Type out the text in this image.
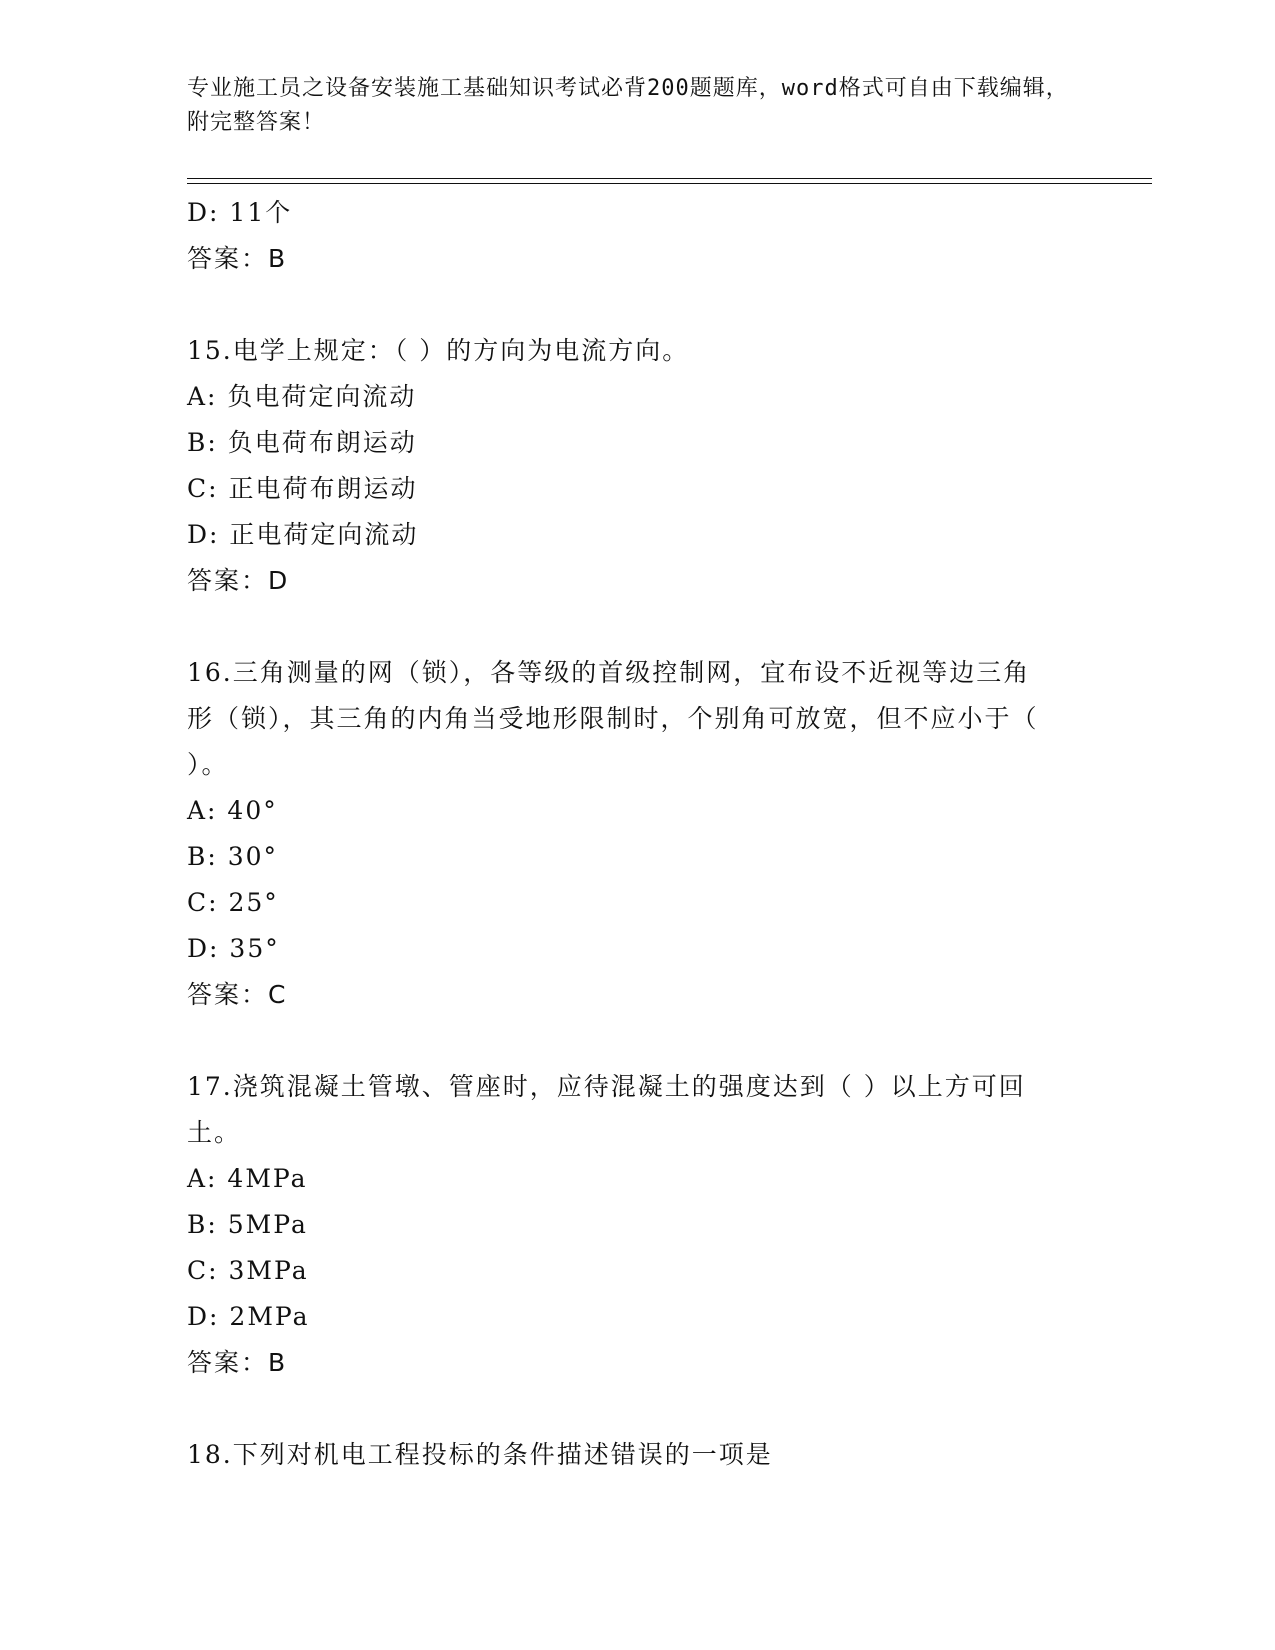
专业施工员之设备安装施工基础知识考试必背200题题库，word格式可自由下载编辑，附完整答案！

D: 11个

答案：B

15.电学上规定：（ ）的方向为电流方向。

A: 负电荷定向流动

B: 负电荷布朗运动

C: 正电荷布朗运动

D: 正电荷定向流动

答案：D

16.三角测量的网（锁），各等级的首级控制网，宜布设不近视等边三角形（锁），其三角的内角当受地形限制时，个别角可放宽，但不应小于（ ）。

A: 40°

B: 30°

C: 25°

D: 35°

答案：C

17.浇筑混凝土管墩、管座时，应待混凝土的强度达到（ ）以上方可回土。

A: 4MPa

B: 5MPa

C: 3MPa

D: 2MPa

答案：B

18.下列对机电工程投标的条件描述错误的一项是
